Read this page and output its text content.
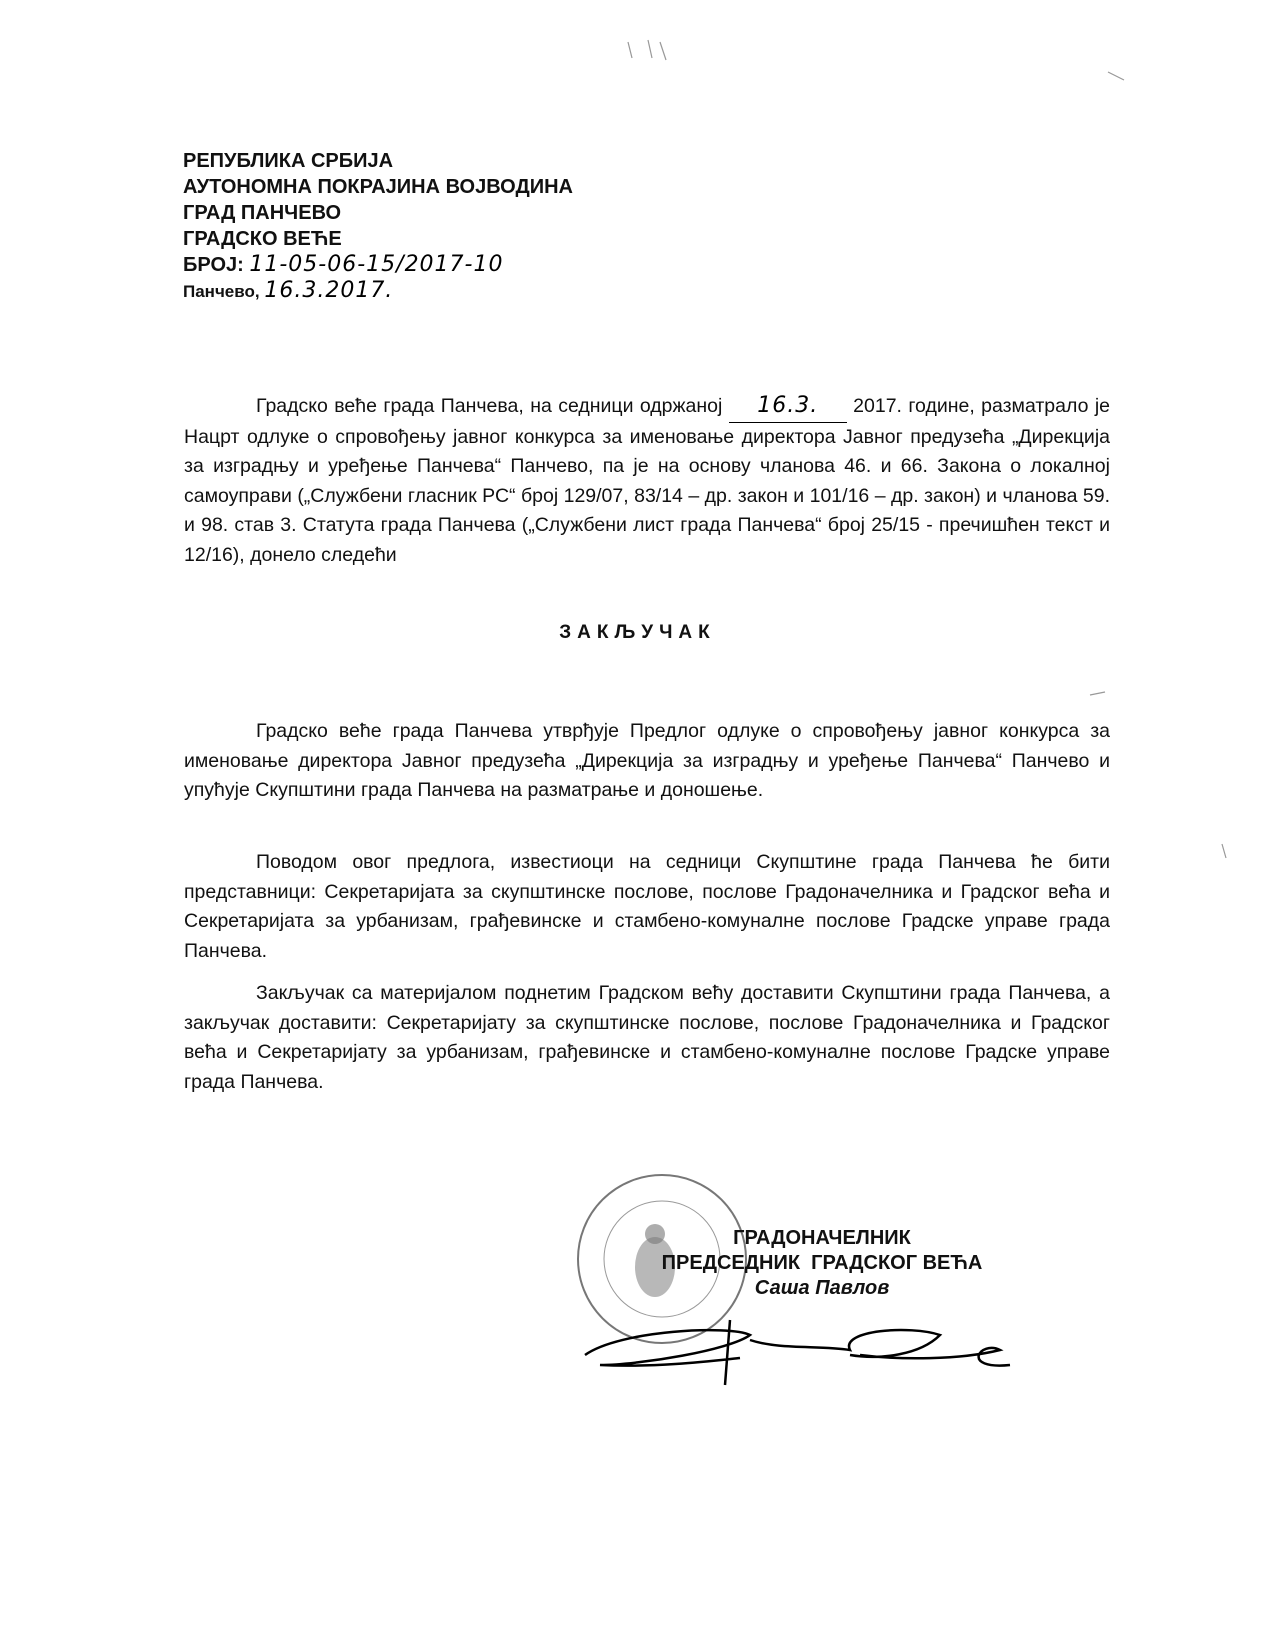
РЕПУБЛИКА СРБИЈА
АУТОНОМНА ПОКРАЈИНА ВОЈВОДИНА
ГРАД ПАНЧЕВО
ГРАДСКО ВЕЋЕ
БРОЈ: 11-05-06-15/2017-10
Панчево, 16.3.2017.
Градско веће града Панчева, на седници одржаној 16.3. 2017. године, разматрало је Нацрт одлуке о спровођењу јавног конкурса за именовање директора Јавног предузећа „Дирекција за изградњу и уређење Панчева“ Панчево, па је на основу чланова 46. и 66. Закона о локалној самоуправи („Службени гласник РС“ број 129/07, 83/14 – др. закон и 101/16 – др. закон) и чланова 59. и 98. став 3. Статута града Панчева („Службени лист града Панчева“ број 25/15 - пречишћен текст и 12/16), донело следећи
ЗАКЉУЧАК
Градско веће града Панчева утврђује Предлог одлуке о спровођењу јавног конкурса за именовање директора Јавног предузећа „Дирекција за изградњу и уређење Панчева“ Панчево и упућује Скупштини града Панчева на разматрање и доношење.
Поводом овог предлога, известиоци на седници Скупштине града Панчева ће бити представници: Секретаријата за скупштинске послове, послове Градоначелника и Градског већа и Секретаријата за урбанизам, грађевинске и стамбено-комуналне послове Градске управе града Панчева.
Закључак са материјалом поднетим Градском већу доставити Скупштини града Панчева, а закључак доставити: Секретаријату за скупштинске послове, послове Градоначелника и Градског већа и Секретаријату за урбанизам, грађевинске и стамбено-комуналне послове Градске управе града Панчева.
ГРАДОНАЧЕЛНИК
ПРЕДСЕДНИК  ГРАДСКОГ ВЕЋА
Саша Павлов
